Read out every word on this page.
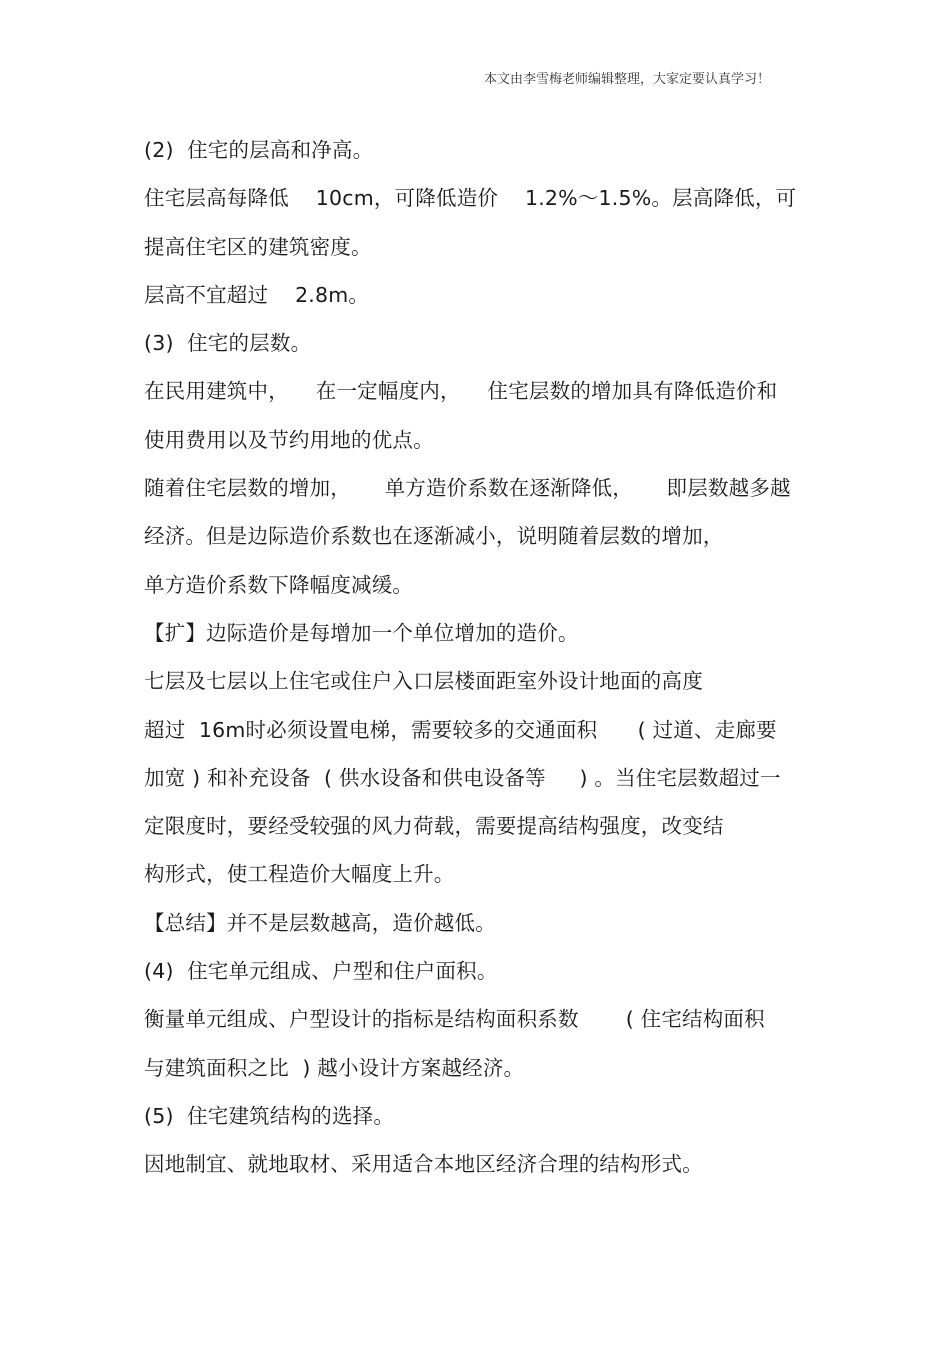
本文由李雪梅老师编辑整理，大家定要认真学习！
(2)  住宅的层高和净高。
住宅层高每降低    10cm，可降低造价    1.2%～1.5%。层高降低，可
提高住宅区的建筑密度。
层高不宜超过    2.8m。
(3)  住宅的层数。
在民用建筑中，    在一定幅度内，    住宅层数的增加具有降低造价和
使用费用以及节约用地的优点。
随着住宅层数的增加，     单方造价系数在逐渐降低，     即层数越多越
经济。但是边际造价系数也在逐渐减小，说明随着层数的增加，
单方造价系数下降幅度减缓。
【扩】边际造价是每增加一个单位增加的造价。
七层及七层以上住宅或住户入口层楼面距室外设计地面的高度
超过  16m时必须设置电梯，需要较多的交通面积      ( 过道、走廊要
加宽 ) 和补充设备  ( 供水设备和供电设备等     ) 。当住宅层数超过一
定限度时，要经受较强的风力荷载，需要提高结构强度，改变结
构形式，使工程造价大幅度上升。
【总结】并不是层数越高，造价越低。
(4)  住宅单元组成、户型和住户面积。
衡量单元组成、户型设计的指标是结构面积系数       ( 住宅结构面积
与建筑面积之比  ) 越小设计方案越经济。
(5)  住宅建筑结构的选择。
因地制宜、就地取材、采用适合本地区经济合理的结构形式。
